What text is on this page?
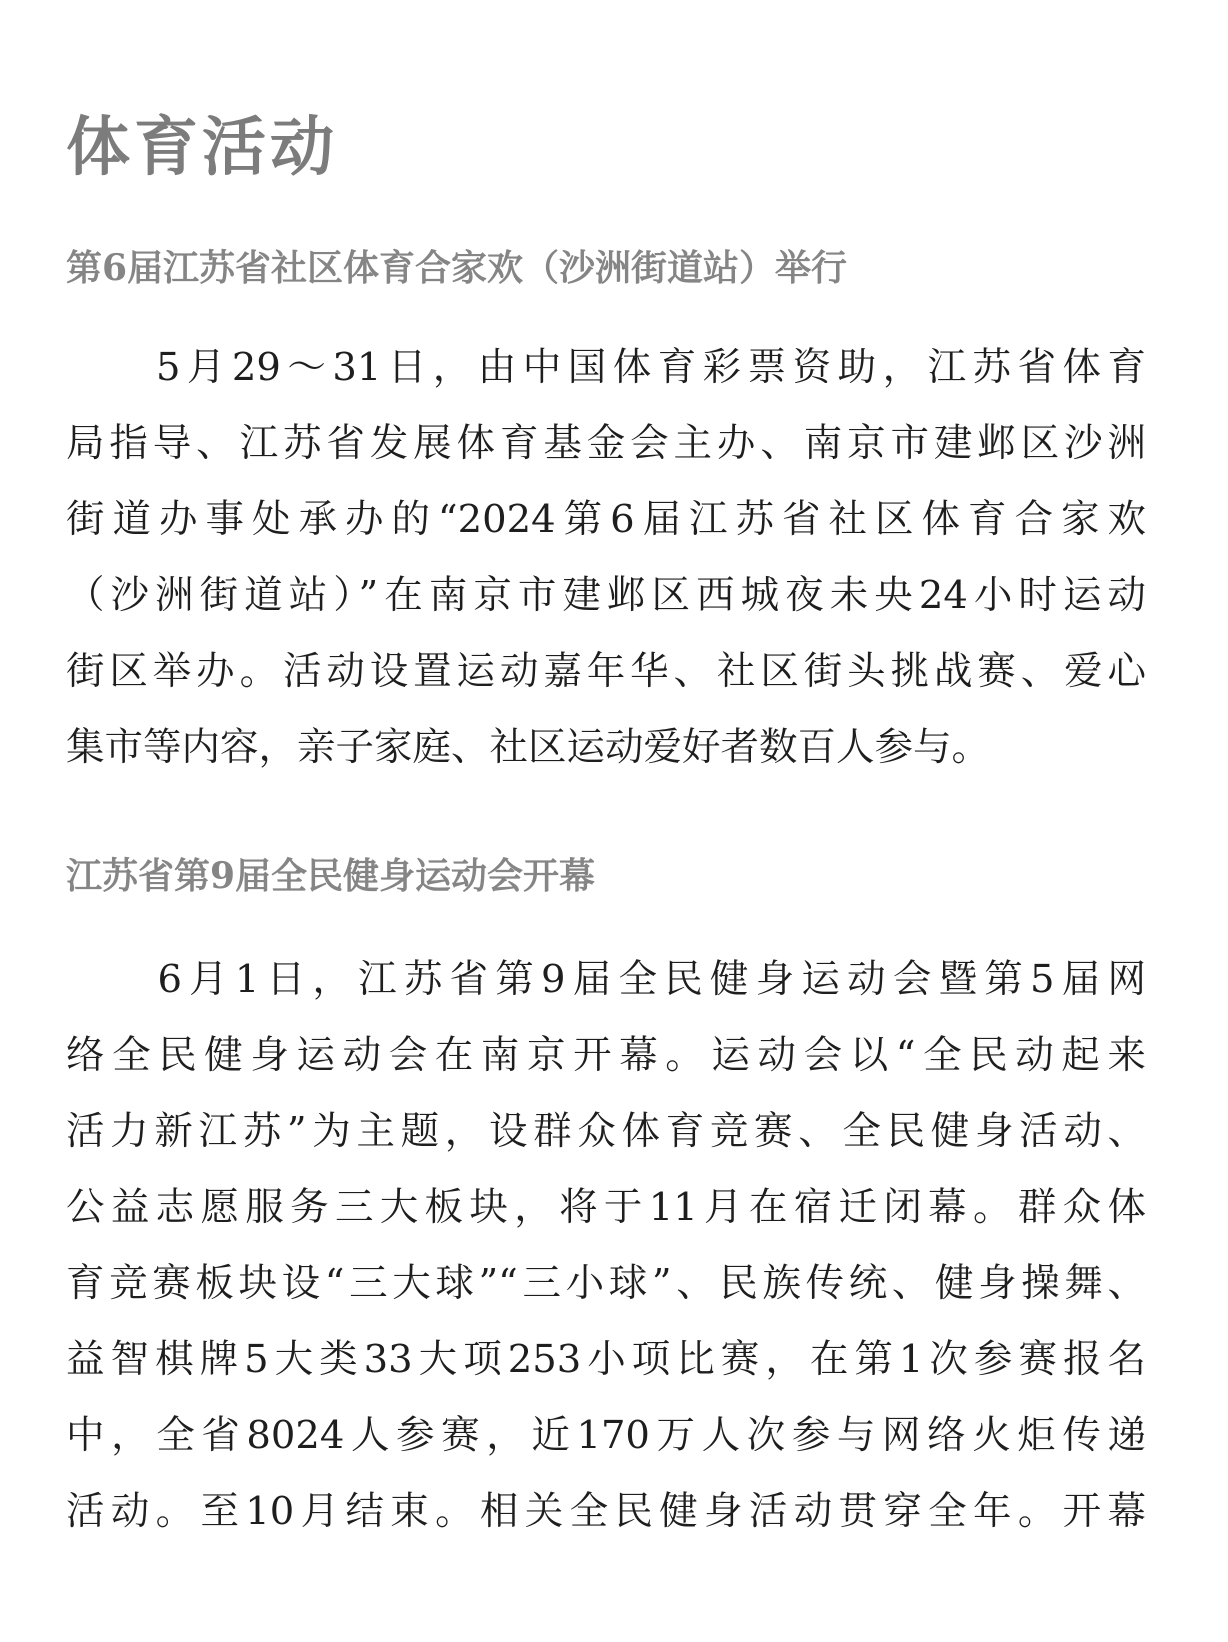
体育活动
第6届江苏省社区体育合家欢（沙洲街道站）举行
　　5月29～31日，由中国体育彩票资助，江苏省体育
局指导、江苏省发展体育基金会主办、南京市建邺区沙洲
街道办事处承办的“2024第6届江苏省社区体育合家欢
（沙洲街道站）”在南京市建邺区西城夜未央24小时运动
街区举办。活动设置运动嘉年华、社区街头挑战赛、爱心
集市等内容，亲子家庭、社区运动爱好者数百人参与。
江苏省第9届全民健身运动会开幕
　　6月1日，江苏省第9届全民健身运动会暨第5届网
络全民健身运动会在南京开幕。运动会以“全民动起来
活力新江苏”为主题，设群众体育竞赛、全民健身活动、
公益志愿服务三大板块，将于11月在宿迁闭幕。群众体
育竞赛板块设“三大球”“三小球”、民族传统、健身操舞、
益智棋牌5大类33大项253小项比赛，在第1次参赛报名
中，全省8024人参赛，近170万人次参与网络火炬传递
活动。至10月结束。相关全民健身活动贯穿全年。开幕
